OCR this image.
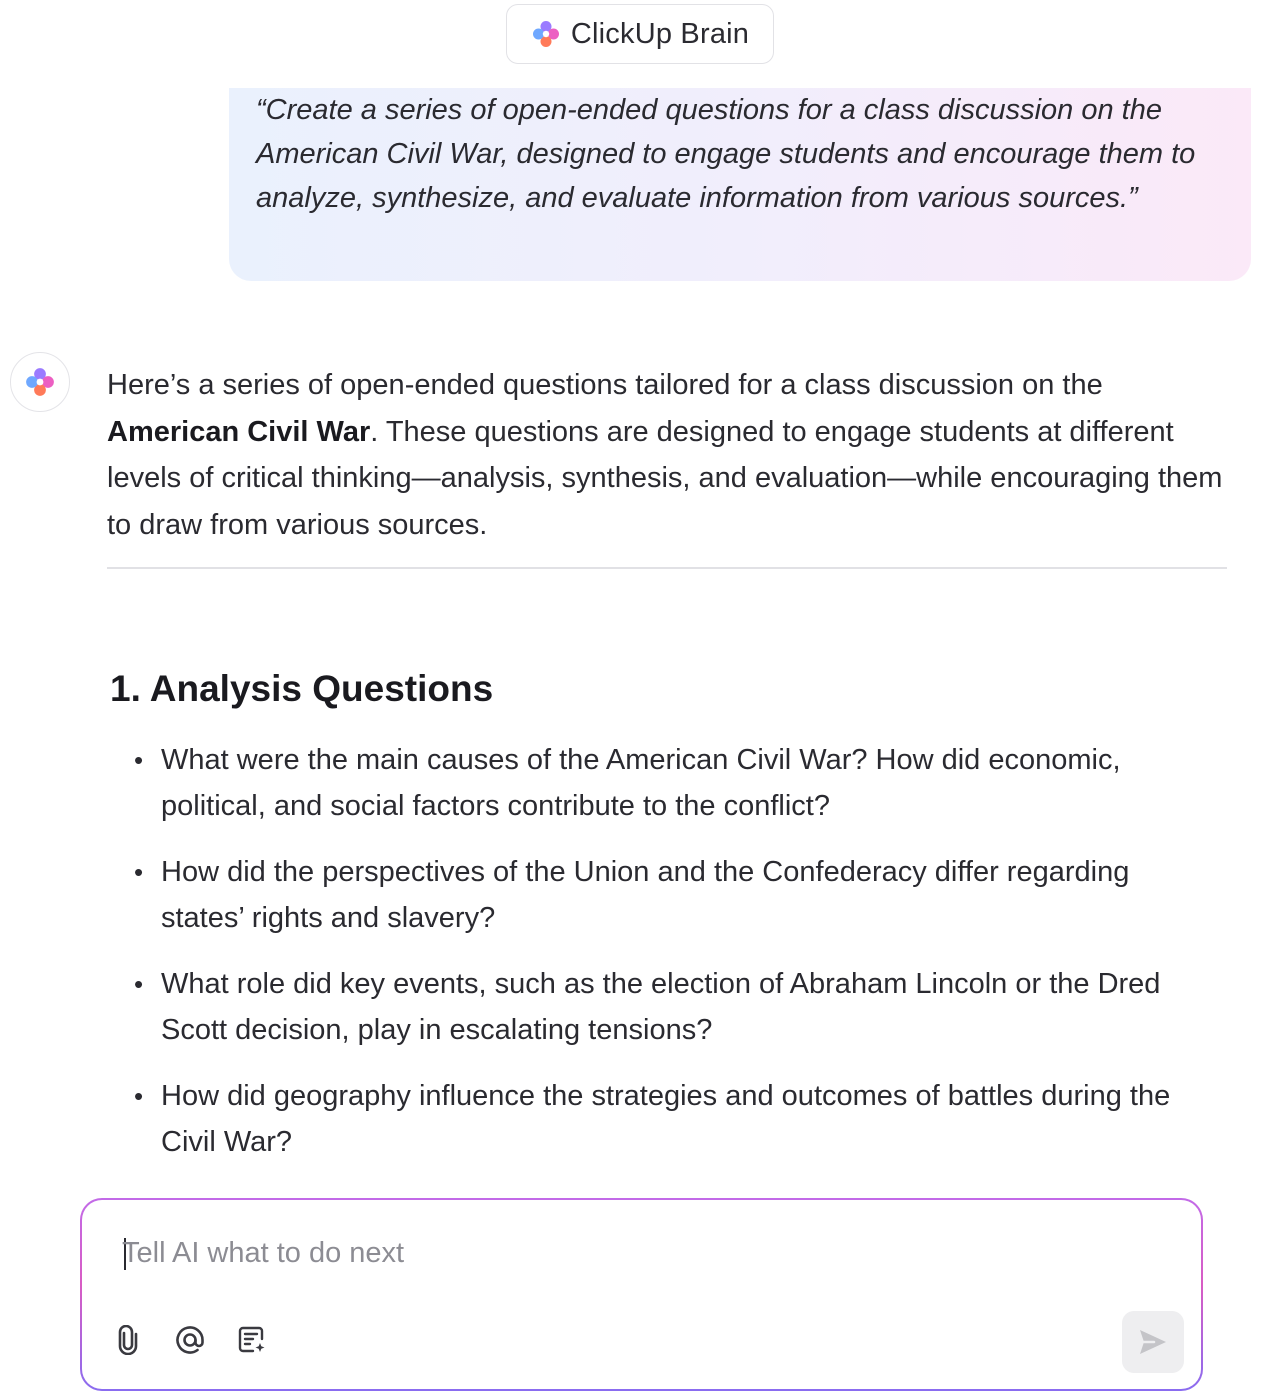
ClickUp Brain

“Create a series of open-ended questions for a class discussion on the American Civil War, designed to engage students and encourage them to analyze, synthesize, and evaluate information from various sources.”

Here’s a series of open-ended questions tailored for a class discussion on the American Civil War. These questions are designed to engage students at different levels of critical thinking—analysis, synthesis, and evaluation—while encouraging them to draw from various sources.

1. Analysis Questions
• What were the main causes of the American Civil War? How did economic, political, and social factors contribute to the conflict?
• How did the perspectives of the Union and the Confederacy differ regarding states’ rights and slavery?
• What role did key events, such as the election of Abraham Lincoln or the Dred Scott decision, play in escalating tensions?
• How did geography influence the strategies and outcomes of battles during the Civil War?
Tell AI what to do next
